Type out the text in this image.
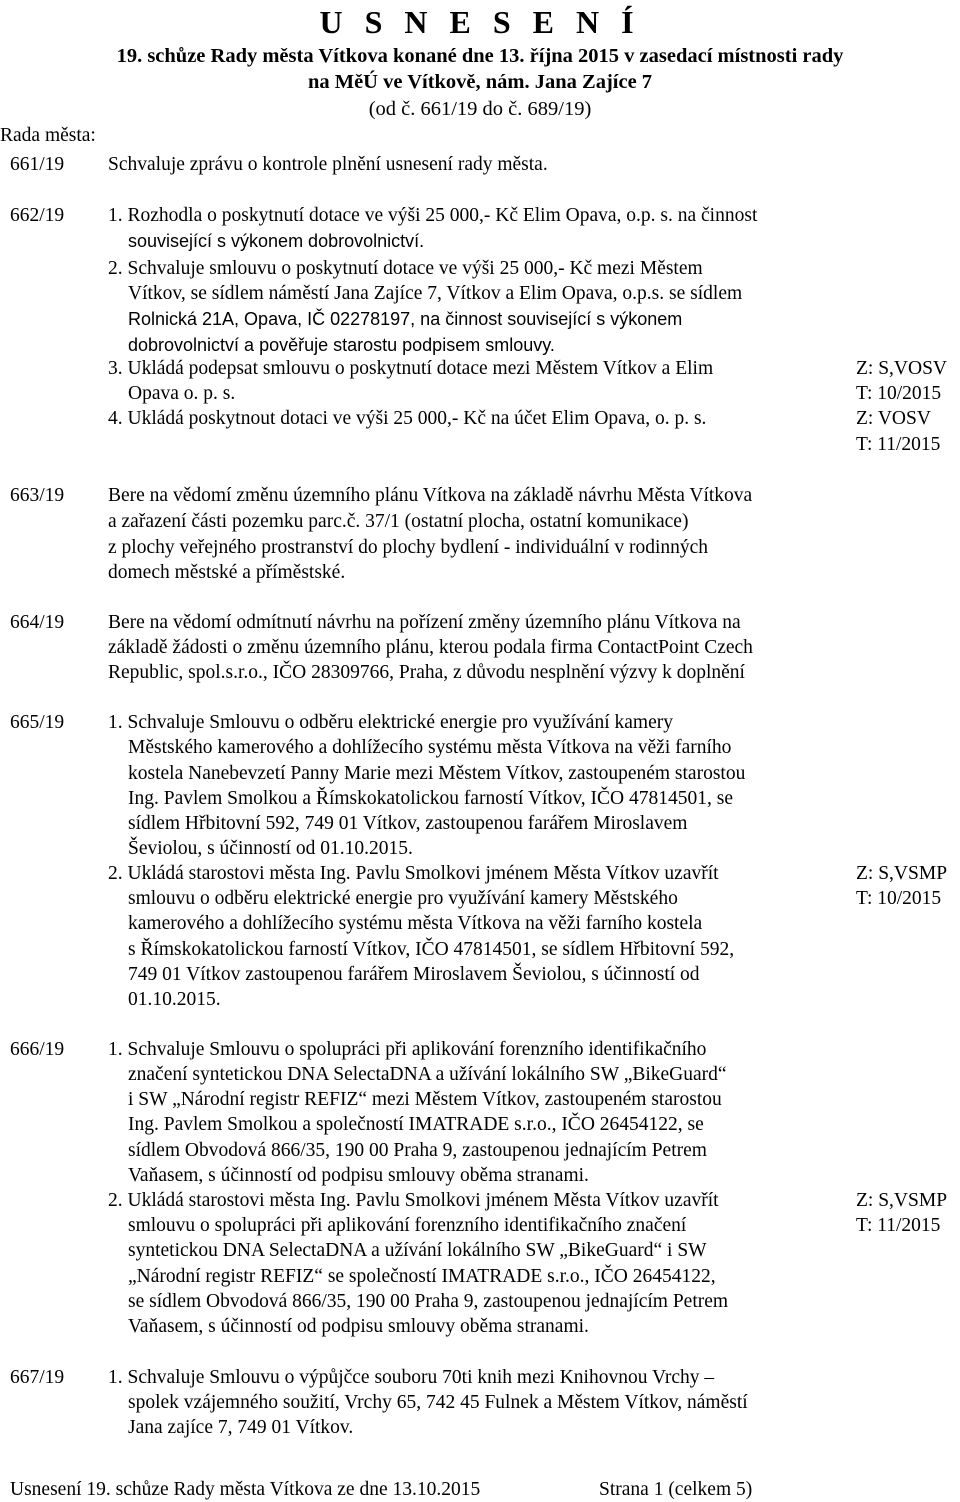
U S N E S E N Í
19. schůze Rady města Vítkova konané dne 13. října 2015 v zasedací místnosti rady
na MěÚ ve Vítkově, nám. Jana Zajíce 7
(od č. 661/19 do č. 689/19)
Rada města:
661/19 Schvaluje zprávu o kontrole plnění usnesení rady města.
662/19 1. Rozhodla o poskytnutí dotace ve výši 25 000,- Kč Elim Opava, o.p. s. na činnost
související s výkonem dobrovolnictví.
2. Schvaluje smlouvu o poskytnutí dotace ve výši 25 000,- Kč mezi Městem
Vítkov, se sídlem náměstí Jana Zajíce 7, Vítkov a Elim Opava, o.p.s. se sídlem
Rolnická 21A, Opava, IČ 02278197, na činnost související s výkonem
dobrovolnictví a pověřuje starostu podpisem smlouvy.
3. Ukládá podepsat smlouvu o poskytnutí dotace mezi Městem Vítkov a Elim	Z: S,VOSV
Opava o. p. s.	T: 10/2015
4. Ukládá poskytnout dotaci ve výši 25 000,- Kč na účet Elim Opava, o. p. s.	Z: VOSV
T: 11/2015
663/19 Bere na vědomí změnu územního plánu Vítkova na základě návrhu Města Vítkova
a zařazení části pozemku parc.č. 37/1 (ostatní plocha, ostatní komunikace)
z plochy veřejného prostranství do plochy bydlení - individuální v rodinných
domech městské a příměstské.
664/19 Bere na vědomí odmítnutí návrhu na pořízení změny územního plánu Vítkova na
základě žádosti o změnu územního plánu, kterou podala firma ContactPoint Czech
Republic, spol.s.r.o., IČO 28309766, Praha, z důvodu nesplnění výzvy k doplnění
665/19 1. Schvaluje Smlouvu o odběru elektrické energie pro využívání kamery
Městského kamerového a dohlížecího systému města Vítkova na věži farního
kostela Nanebevzetí Panny Marie mezi Městem Vítkov, zastoupeném starostou
Ing. Pavlem Smolkou a Římskokatolickou farností Vítkov, IČO 47814501, se
sídlem Hřbitovní 592, 749 01 Vítkov, zastoupenou farářem Miroslavem
Ševiolou, s účinností od 01.10.2015.
2. Ukládá starostovi města Ing. Pavlu Smolkovi jménem Města Vítkov uzavřít	Z: S,VSMP
smlouvu o odběru elektrické energie pro využívání kamery Městského	T: 10/2015
kamerového a dohlížecího systému města Vítkova na věži farního kostela
s Římskokatolickou farností Vítkov, IČO 47814501, se sídlem Hřbitovní 592,
749 01 Vítkov zastoupenou farářem Miroslavem Ševiolou, s účinností od
01.10.2015.
666/19 1. Schvaluje Smlouvu o spolupráci při aplikování forenzního identifikačního
značení syntetickou DNA SelectaDNA a užívání lokálního SW „BikeGuard“
i SW „Národní registr REFIZ“ mezi Městem Vítkov, zastoupeném starostou
Ing. Pavlem Smolkou a společností IMATRADE s.r.o., IČO 26454122, se
sídlem Obvodová 866/35, 190 00 Praha 9, zastoupenou jednajícím Petrem
Vaňasem, s účinností od podpisu smlouvy oběma stranami.
2. Ukládá starostovi města Ing. Pavlu Smolkovi jménem Města Vítkov uzavřít	Z: S,VSMP
smlouvu o spolupráci při aplikování forenzního identifikačního značení	T: 11/2015
syntetickou DNA SelectaDNA a užívání lokálního SW „BikeGuard“ i SW
„Národní registr REFIZ“ se společností IMATRADE s.r.o., IČO 26454122,
se sídlem Obvodová 866/35, 190 00 Praha 9, zastoupenou jednajícím Petrem
Vaňasem, s účinností od podpisu smlouvy oběma stranami.
667/19 1. Schvaluje Smlouvu o výpůjčce souboru 70ti knih mezi Knihovnou Vrchy –
spolek vzájemného soužití, Vrchy 65, 742 45 Fulnek a Městem Vítkov, náměstí
Jana zajíce 7, 749 01 Vítkov.
Usnesení 19. schůze Rady města Vítkova ze dne 13.10.2015	Strana 1 (celkem 5)
